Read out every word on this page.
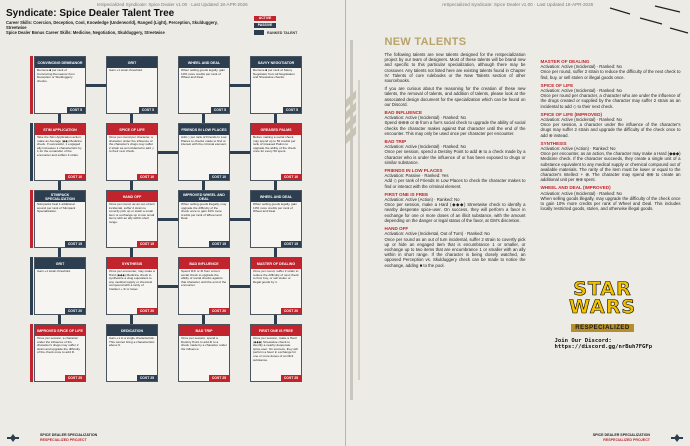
reSpecialized Syndicate: Spice Dealer v1.00 · Last Updated 18-APR-2026
Syndicate: Spice Dealer Talent Tree
Career Skills: Coercion, Deception, Cool, Knowledge (Underworld), Ranged (Light), Perception, Skulduggery, Streetwise
Spice Dealer Bonus Career Skills: Medicine, Negotiation, Skulduggery, Streetwise
ACTIVE
PASSIVE
RANKED TALENT
CONVINCING DEMEANOR
Remove ■ per rank of Convincing Demeanor from Deception or Skulduggery checks.
COST 5
GRIT
Gain +1 strain threshold.
COST 5
WHEEL AND DEAL
When selling goods legally, gain 10% more credits per rank of Wheel and Deal.
COST 5
SAVVY NEGOTIATOR
Remove ■ per rank of Savvy Negotiator from all Negotiation and Streetwise checks.
COST 5
STIM APPLICATION
Take the Stim Application action; make an Average (◆◆) Medicine check. If successful, 1 engaged ally increases 1 characteristic by 1 for the remainder of the encounter and suffers 4 strain.
COST 10
SPICE OF LIFE
Once per round per character, a character under the influence of the character's drugs may suffer 2 strain as an incidental to add ◇ to their next check.
COST 10
FRIENDS IN LOW PLACES
Add ◇ per rank of Friends In Low Places to checks made to find or interact with the criminal element.
COST 10
GREASED PALMS
Before making a social check, may spend up to 50 credits per rank of Greased Palms to upgrade the ability of the check once for every 50 spent.
COST 10
STIMPACK SPECIALIZATION
Stimpacks heal 1 additional wound per rank of Stimpack Specialization.
COST 15
HAND OFF
Once per round, as an out-of-turn incidental, suffer 2 strain to covertly pick up or stash a small item or exchange up to two small items with an ally within short range.
COST 15
IMPROVED WHEEL AND DEAL
When selling goods illegally, may upgrade the difficulty of the check once to gain 10% more credits per rank of Wheel and Deal.
COST 15
WHEEL AND DEAL
When selling goods legally, gain 10% more credits per rank of Wheel and Deal.
COST 15
GRIT
Gain +1 strain threshold.
COST 20
SYNTHESIS
Once per encounter, may make a Hard (◆◆◆) Medicine check to synthesize a drug equivalent to any medical supply or chemical compound with a rarity of Intellect + ⊛ or lower.
COST 20
BAD INFLUENCE
Spend ⊛⊛ or ⊗ from a foe's social check to upgrade the ability of social checks against that character until the end of the encounter.
COST 20
MASTER OF DEALING
Once per round, suffer 2 strain to reduce the difficulty of next check to find, buy, or sell stolen or illegal goods by 1.
COST 20
IMPROVED SPICE OF LIFE
Once per session, a character under the influence of the character's drugs may suffer 2 strain and upgrade the difficulty of the check once to add ⊛.
COST 25
DEDICATION
Gain +1 to a single characteristic. This cannot bring a characteristic above 6.
COST 25
BAD TRIP
Once per session, spend a Destiny Point to add ⊗ to a check made by a character under the influence.
COST 25
FIRST ONE IS FREE
Once per session, make a Hard (◆◆◆) Streetwise check to identify a nearby desperate spice-user. On success, they will perform a favor in exchange for one or more doses of an illicit substance.
COST 25
SPICE DEALER SPECIALIZATION
RESPECIALIZED PROJECT
reSpecialized Syndicate: Spice Dealer v1.00 · Last Updated 18-APR-2026
NEW TALENTS

The following talents are new talents designed for the reSpecialization project by our team of designers. Most of these talents will be brand new and specific to this particular specialization, although there may be crossover. Any talents not listed here are existing talents found in Chapter IV: Talents of core rulebooks or the New Talents section of other sourcebooks.

If you are curious about the reasoning for the creation of these new talents, the removal of talents, and addition of talents, please look at the associated design document for the specialization which can be found on our Discord.

BAD INFLUENCE
Activation: Active (Incidental) · Ranked: No

Spend ⊛⊛⊛ or ⊗ from a foe's social check to upgrade the ability of social checks the character makes against that character until the end of the encounter. This may only be used once per character per encounter.

BAD TRIP
Activation: Active (Incidental) · Ranked: No

Once per session, spend a Destiny Point to add ⊗ to a check made by a character who is under the influence of or has been exposed to drugs or similar substance.

FRIENDS IN LOW PLACES
Activation: Passive · Ranked: Yes

Add ◇ per rank of Friends In Low Places to check the character makes to find or interact with the criminal element.

FIRST ONE IS FREE
Activation: Active (Action) · Ranked: No

Once per session, make a Hard (◆◆◆) Streetwise check to identify a nearby desperate spice-user. On success, they will perform a favor in exchange for one or more doses of an illicit substance, with the amount depending on the danger or legal status of the favor, at GM's discretion.

HAND OFF
Activation: Active (Incidental, Out of Turn) · Ranked: No

Once per round as an out of turn incidental, suffer 2 strain to covertly pick up or hide an engaged item that is encumbrance 1 or smaller, or exchange up to two items that are encumbrance 1 or smaller with an ally within in short range. If the character is being closely watched, an opposed Perception vs. Skulduggery check can be made to notice the exchange, adding ■ to the pool.

MASTER OF DEALING
Activation: Active (Incidental) · Ranked: No

Once per round, suffer 2 strain to reduce the difficulty of the next check to find, buy, or sell stolen or illegal goods once.

SPICE OF LIFE
Activation: Active (Incidental) · Ranked: No

Once per round per character, a character who are under the influence of the drugs created or supplied by the character may suffer 2 strain as an incidental to add ◇ to their next check.

SPICE OF LIFE (IMPROVED)
Activation: Active (Incidental) · Ranked: No

Once per session, a character under the influence of the character's drugs may suffer 2 strain and upgrade the difficulty of the check once to add ⊛ instead.

SYNTHESIS
Activation: Active (Action) · Ranked: No

Once per encounter, as an action, the character may make a Hard (◆◆◆) Medicine check. If the character succeeds, they create a single unit of a substance equivalent to any medical supply or chemical compound out of available materials. The rarity of the item must be lower or equal to the character's Intellect + ⊛. The character may spend ⊛⊛ to create an additional unit per ⊛⊛ spent.

WHEEL AND DEAL (IMPROVED)
Activation: Active (Incidental) · Ranked: No

When selling goods illegally, may upgrade the difficulty of the check once to gain 10% more credits per rank of Wheel and Deal. This includes locally restricted goods, stolen, and otherwise illegal goods.

STAR
WARS
RESPECIALIZED
Join Our Discord: https://discord.gg/nrBuh7FGFp
SPICE DEALER SPECIALIZATION
RESPECIALIZED PROJECT
